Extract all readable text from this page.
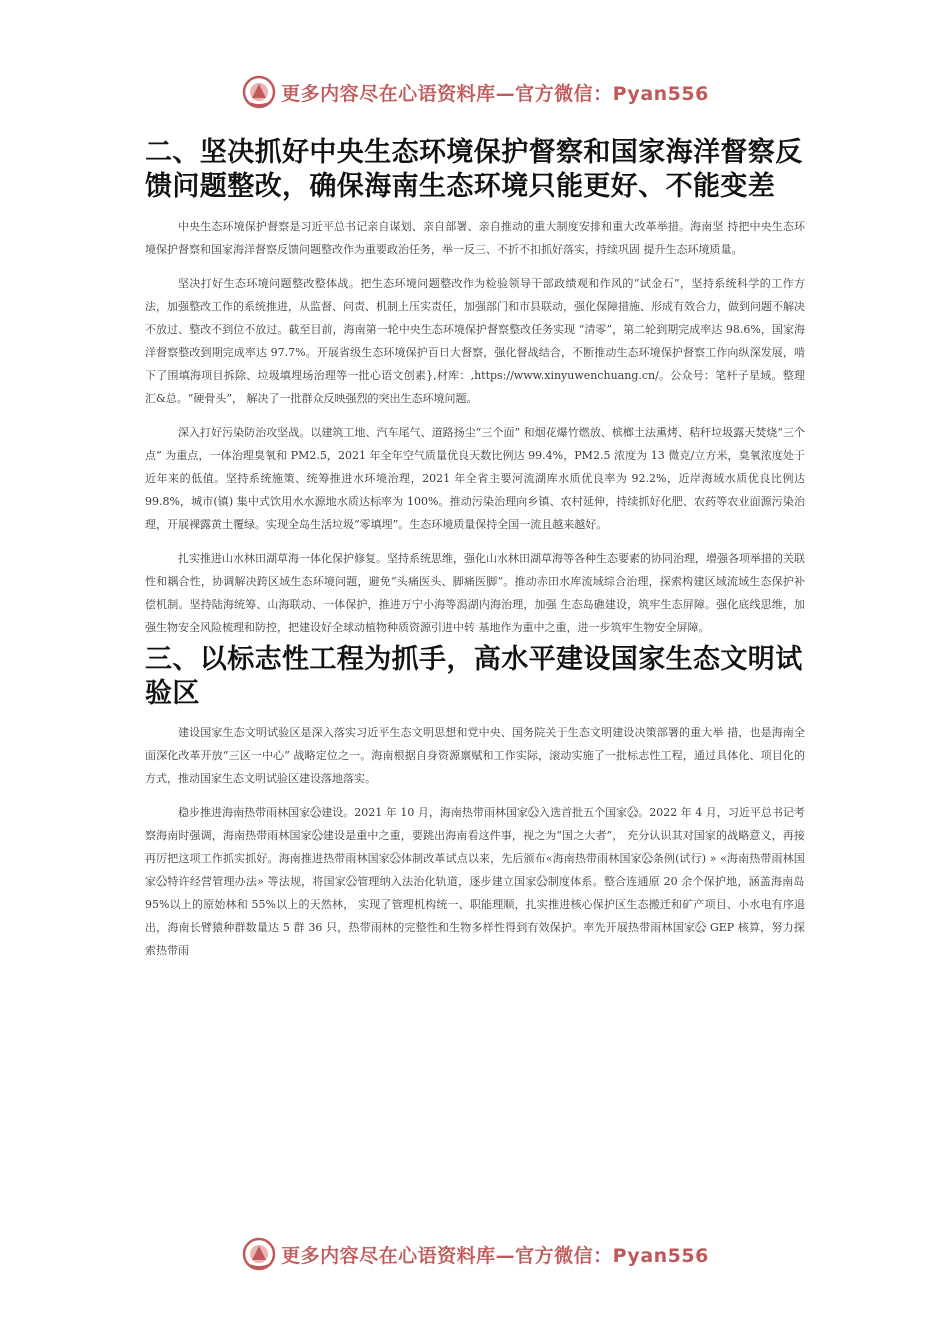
更多内容尽在心语资料库—官方微信：Pyan556
二、坚决抓好中央生态环境保护督察和国家海洋督察反馈问题整改，确保海南生态环境只能更好、不能变差

中央生态环境保护督察是习近平总书记亲自谋划、亲自部署、亲自推动的重大制度安排和重大改革举措。海南坚 持把中央生态环境保护督察和国家海洋督察反馈问题整改作为重要政治任务，举一反三、不折不扣抓好落实，持续巩固 提升生态环境质量。

坚决打好生态环境问题整改整体战。把生态环境问题整改作为检验领导干部政绩观和作风的“试金石”，坚持系统科学的工作方法，加强整改工作的系统推进，从监督、问责、机制上压实责任，加强部门和市县联动，强化保障措施、形成有效合力，做到问题不解决不放过、整改不到位不放过。截至目前，海南第一轮中央生态环境保护督察整改任务实现 “清零”，第二轮到期完成率达 98.6%，国家海洋督察整改到期完成率达 97.7%。开展省级生态环境保护百日大督察，强化督战结合，不断推动生态环境保护督察工作向纵深发展，啃下了围填海项目拆除、垃圾填埋场治理等一批心语文创素},材库：,https://www.xinyuwenchuang.cn/。公众号：笔杆子星域。整理汇&总。“硬骨头”， 解决了一批群众反映强烈的突出生态环境问题。

深入打好污染防治攻坚战。以建筑工地、汽车尾气、道路扬尘“三个面” 和烟花爆竹燃放、槟榔土法熏烤、秸秆垃圾露天焚烧“三个点” 为重点，一体治理臭氧和 PM2.5，2021 年全年空气质量优良天数比例达 99.4%，PM2.5 浓度为 13 微克/立方米，臭氧浓度处于近年来的低值。坚持系统施策、统筹推进水环境治理，2021 年全省主要河流湖库水质优良率为 92.2%，近岸海域水质优良比例达 99.8%，城市(镇) 集中式饮用水水源地水质达标率为 100%。推动污染治理向乡镇、农村延伸，持续抓好化肥、农药等农业面源污染治理，开展裸露黄土覆绿。实现全岛生活垃圾“零填埋”。生态环境质量保持全国一流且越来越好。

扎实推进山水林田湖草海一体化保护修复。坚持系统思维，强化山水林田湖草海等各种生态要素的协同治理，增强各项举措的关联性和耦合性，协调解决跨区域生态环境问题，避免“头痛医头、脚痛医脚”。推动赤田水库流域综合治理，探索构建区域流域生态保护补偿机制。坚持陆海统筹、山海联动、一体保护，推进万宁小海等潟湖内海治理，加强 生态岛礁建设，筑牢生态屏障。强化底线思维，加强生物安全风险梳理和防控，把建设好全球动植物种质资源引进中转 基地作为重中之重，进一步筑牢生物安全屏障。

三、以标志性工程为抓手，高水平建设国家生态文明试验区

建设国家生态文明试验区是深入落实习近平生态文明思想和党中央、国务院关于生态文明建设决策部署的重大举 措，也是海南全面深化改革开放“三区一中心” 战略定位之一。海南根据自身资源禀赋和工作实际，滚动实施了一批标志性工程，通过具体化、项目化的方式，推动国家生态文明试验区建设落地落实。

稳步推进海南热带雨林国家公⃝建设。2021 年 10 月，海南热带雨林国家公⃝入选首批五个国家公⃝。2022 年 4 月，习近平总书记考察海南时强调，海南热带雨林国家公⃝建设是重中之重，要跳出海南看这件事，视之为“国之大者”， 充分认识其对国家的战略意义，再接再厉把这项工作抓实抓好。海南推进热带雨林国家公⃝体制改革试点以来，先后颁布«海南热带雨林国家公⃝条例(试行) » «海南热带雨林国家公⃝特许经营管理办法» 等法规，将国家公⃝管理纳入法治化轨道，逐步建立国家公⃝制度体系。整合连通原 20 余个保护地，涵盖海南岛 95%以上的原始林和 55%以上的天然林， 实现了管理机构统一、职能理顺，扎实推进核心保护区生态搬迁和矿产项目、小水电有序退出，海南长臂猿种群数量达 5 群 36 只，热带雨林的完整性和生物多样性得到有效保护。率先开展热带雨林国家公⃝ GEP 核算，努力探索热带雨

更多内容尽在心语资料库—官方微信：Pyan556
